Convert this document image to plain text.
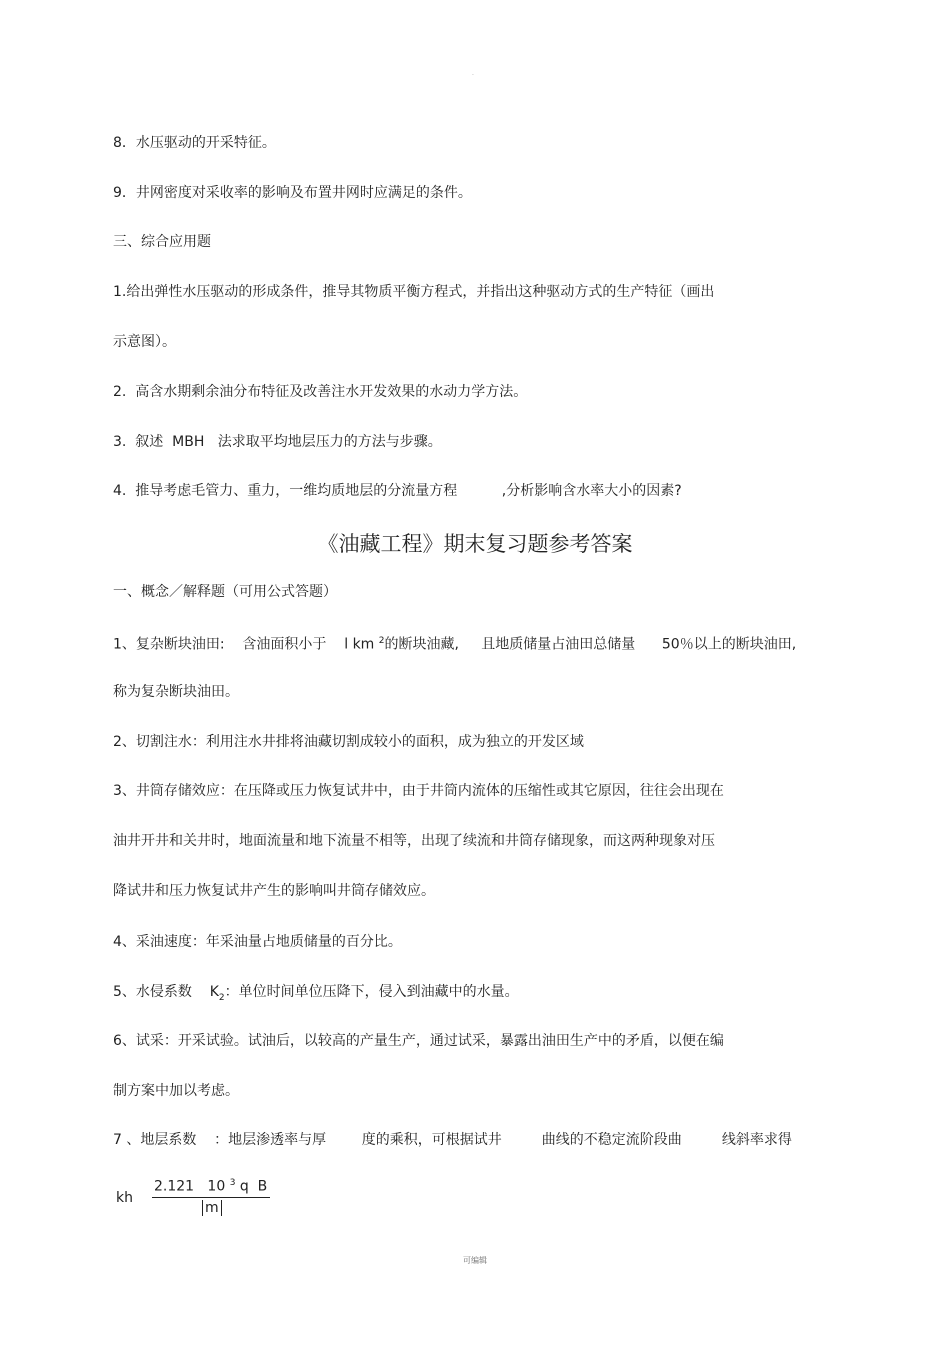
.
8．水压驱动的开采特征。
9．井网密度对采收率的影响及布置井网时应满足的条件。
三、综合应用题
1.给出弹性水压驱动的形成条件，推导其物质平衡方程式，并指出这种驱动方式的生产特征（画出
示意图）。
2.  高含水期剩余油分布特征及改善注水开发效果的水动力学方法。
3.  叙述  MBH   法求取平均地层压力的方法与步骤。
4.  推导考虑毛管力、重力，一维均质地层的分流量方程          ,分析影响含水率大小的因素?
《油藏工程》期末复习题参考答案
一、概念／解释题（可用公式答题）
1、复杂断块油田:    含油面积小于    l km $^2$的断块油藏,     且地质储量占油田总储量      50％以上的断块油田,
称为复杂断块油田。
2、切割注水：利用注水井排将油藏切割成较小的面积，成为独立的开发区域
3、井筒存储效应：在压降或压力恢复试井中，由于井筒内流体的压缩性或其它原因，往往会出现在
油井开井和关井时，地面流量和地下流量不相等，出现了续流和井筒存储现象，而这两种现象对压
降试井和压力恢复试井产生的影响叫井筒存储效应。
4、采油速度：年采油量占地质储量的百分比。
5、水侵系数    $K_2$：单位时间单位压降下，侵入到油藏中的水量。
6、试采：开采试验。试油后，以较高的产量生产，通过试采，暴露出油田生产中的矛盾，以便在编
制方案中加以考虑。
7 、地层系数    ：地层渗透率与厚        度的乘积，可根据试井         曲线的不稳定流阶段曲         线斜率求得
kh
2.121   10 $^3$ q  B
m
可编辑
